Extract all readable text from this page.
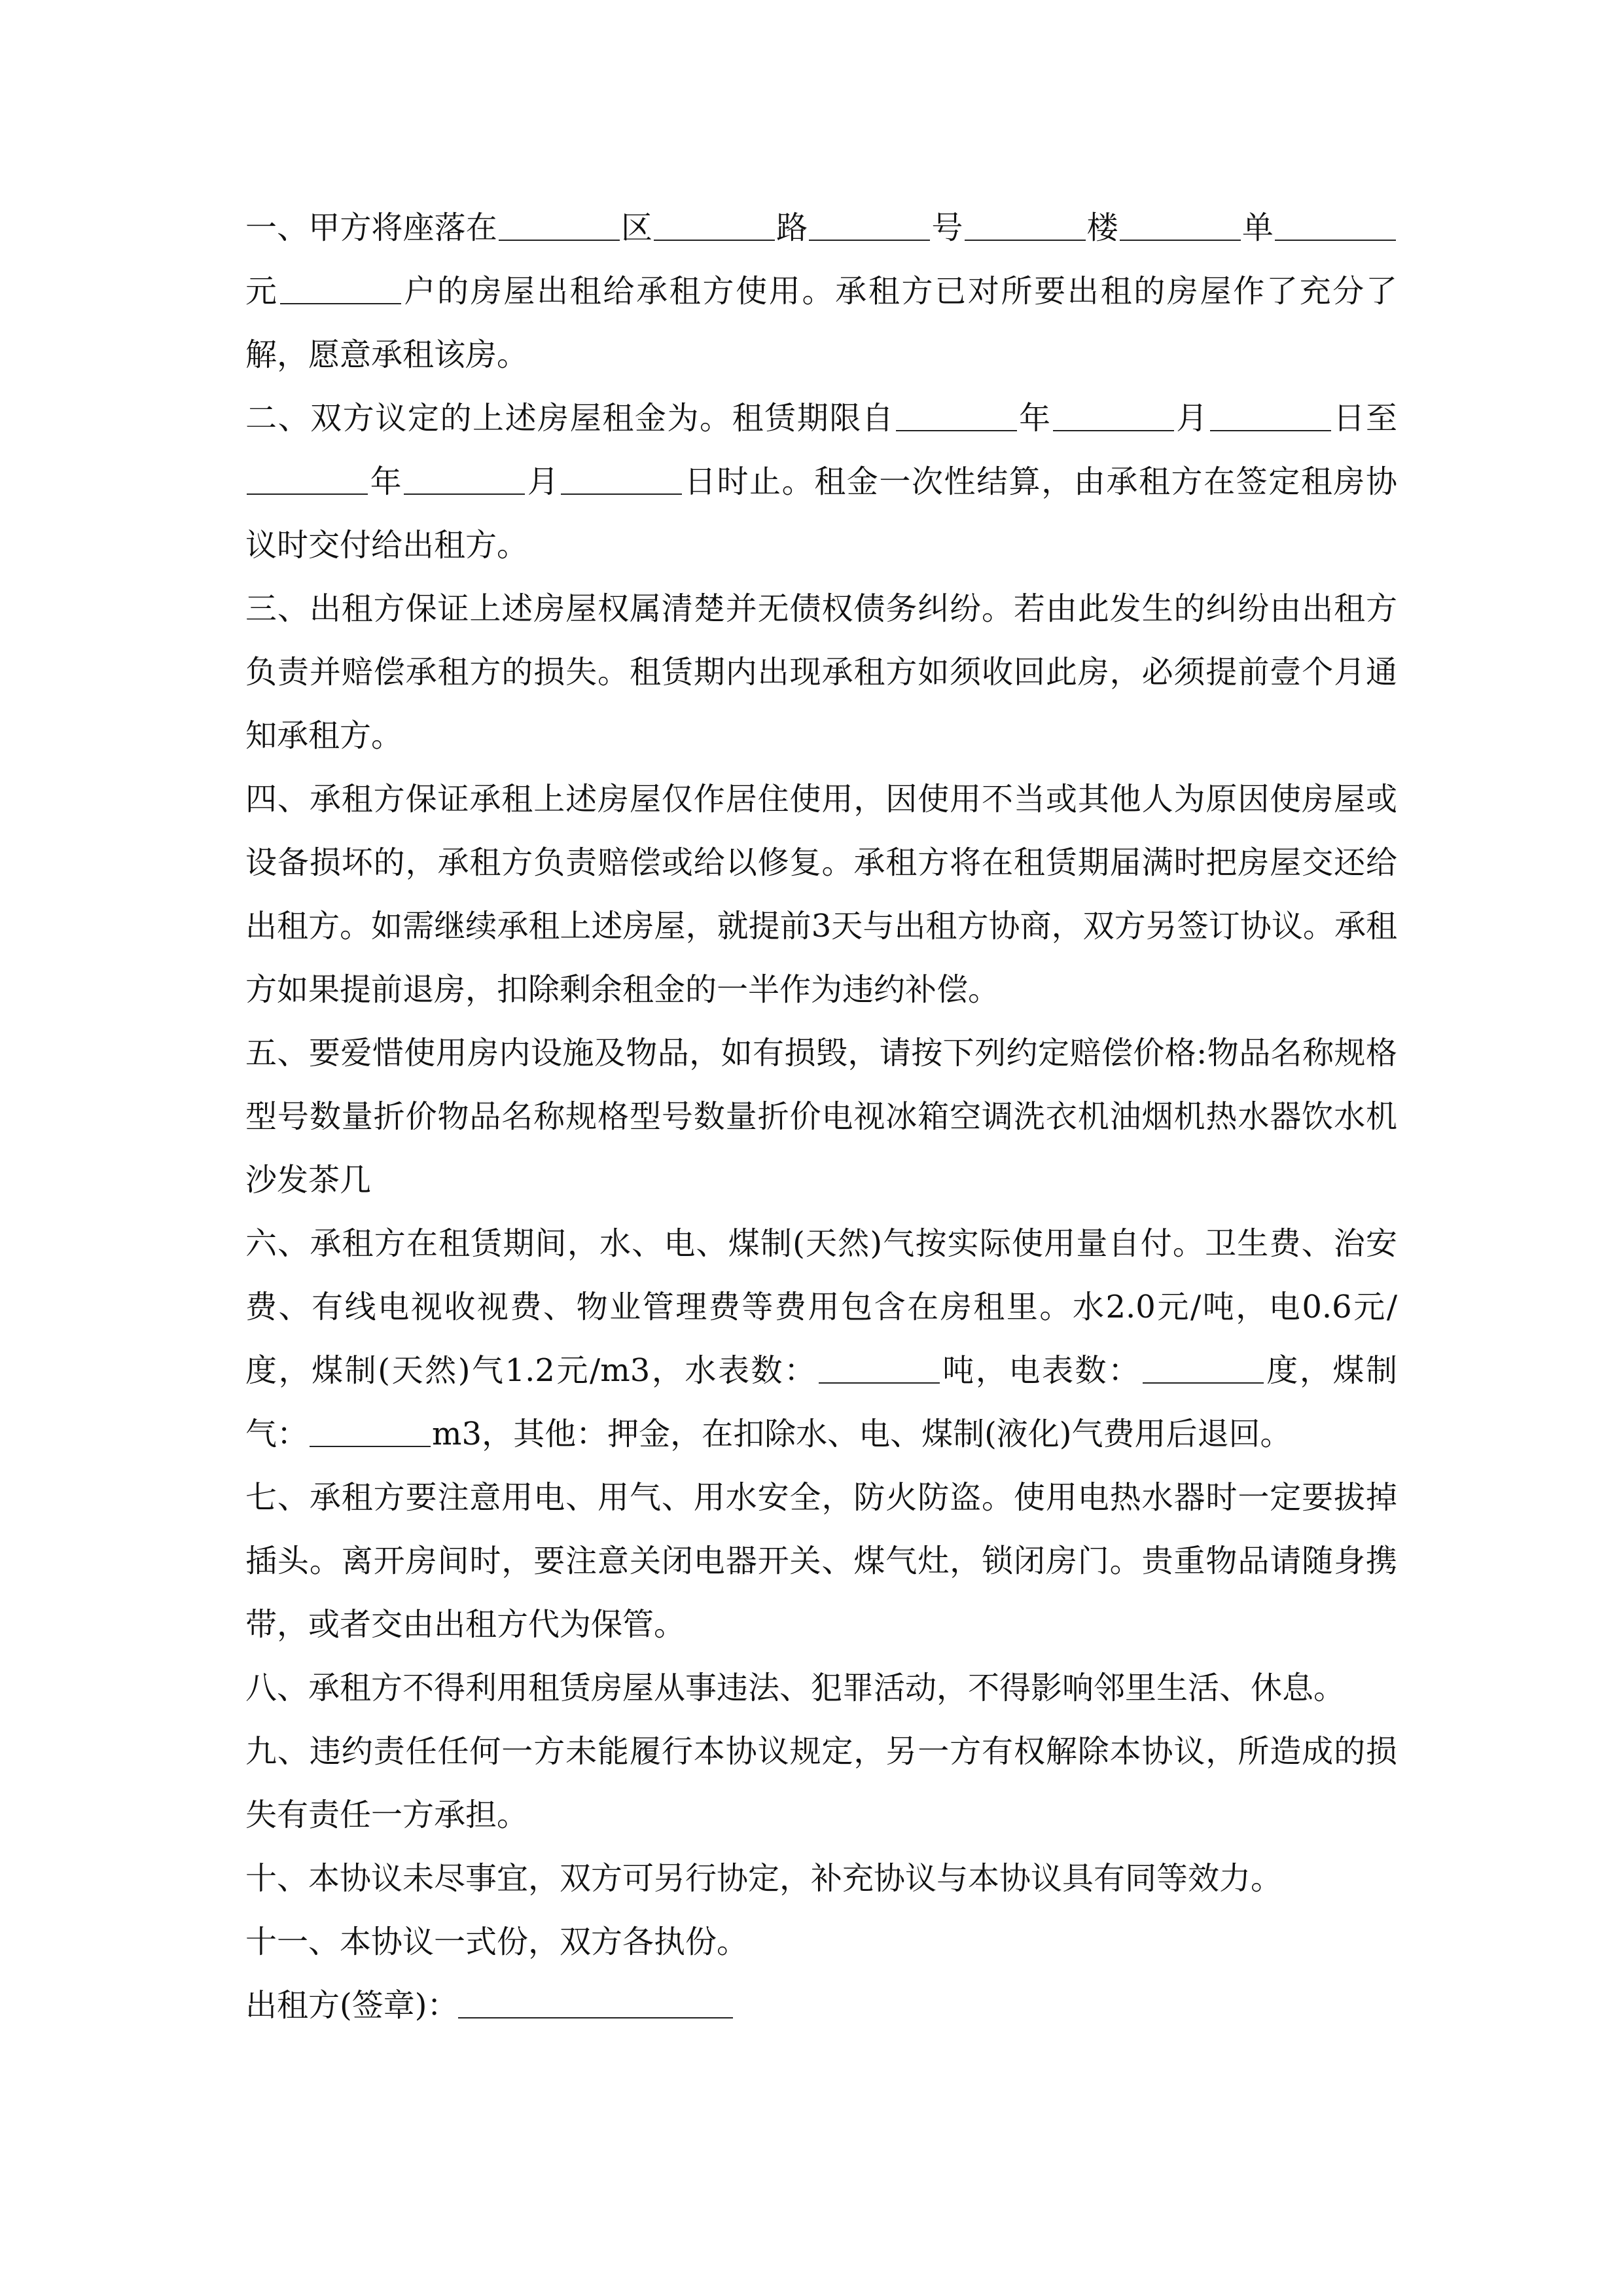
一、甲方将座落在	区	路	号	楼	单元	户的房屋出租给承租方使用。承租方已对所要出租的房屋作了充分了解，愿意承租该房。

二、双方议定的上述房屋租金为。租赁期限自	年	月	日至年	月	日时止。租金一次性结算，由承租方在签定租房协议时交付给出租方。

三、出租方保证上述房屋权属清楚并无债权债务纠纷。若由此发生的纠纷由出租方负责并赔偿承租方的损失。租赁期内出现承租方如须收回此房，必须提前壹个月通知承租方。

四、承租方保证承租上述房屋仅作居住使用，因使用不当或其他人为原因使房屋或设备损坏的，承租方负责赔偿或给以修复。承租方将在租赁期届满时把房屋交还给出租方。如需继续承租上述房屋，就提前3天与出租方协商，双方另签订协议。承租方如果提前退房，扣除剩余租金的一半作为违约补偿。

五、要爱惜使用房内设施及物品，如有损毁，请按下列约定赔偿价格:物品名称规格型号数量折价物品名称规格型号数量折价电视冰箱空调洗衣机油烟机热水器饮水机沙发茶几

六、承租方在租赁期间，水、电、煤制(天然)气按实际使用量自付。卫生费、治安费、有线电视收视费、物业管理费等费用包含在房租里。水2.0元/吨，电0.6元/度，煤制(天然)气1.2元/m3，水表数：	吨，电表数：	度，煤制气：	m3，其他：押金，在扣除水、电、煤制(液化)气费用后退回。

七、承租方要注意用电、用气、用水安全，防火防盗。使用电热水器时一定要拔掉插头。离开房间时，要注意关闭电器开关、煤气灶，锁闭房门。贵重物品请随身携带，或者交由出租方代为保管。

八、承租方不得利用租赁房屋从事违法、犯罪活动，不得影响邻里生活、休息。

九、违约责任任何一方未能履行本协议规定，另一方有权解除本协议，所造成的损失有责任一方承担。

十、本协议未尽事宜，双方可另行协定，补充协议与本协议具有同等效力。

十一、本协议一式份，双方各执份。

出租方(签章)：
